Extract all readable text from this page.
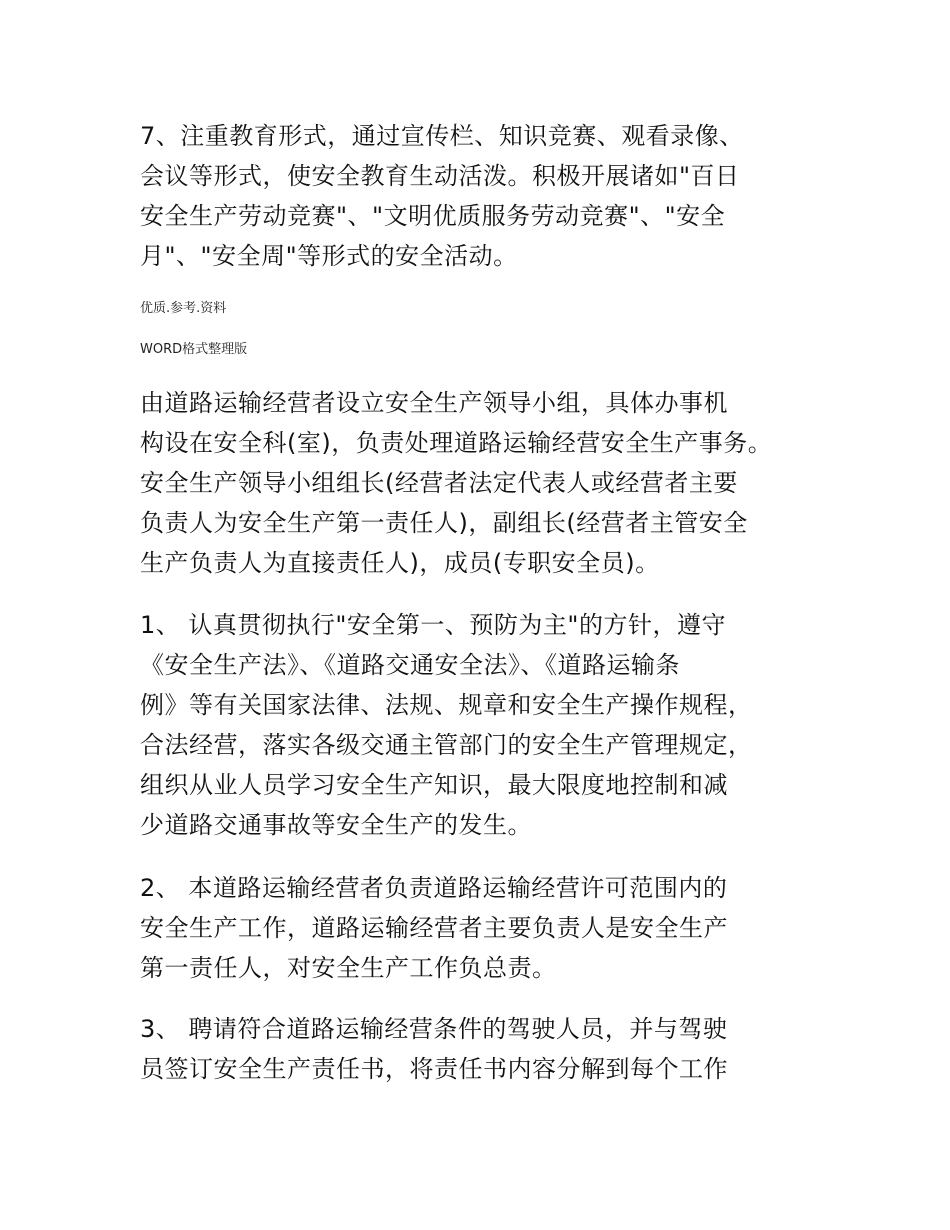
7、注重教育形式，通过宣传栏、知识竞赛、观看录像、
会议等形式，使安全教育生动活泼。积极开展诸如"百日
安全生产劳动竞赛"、"文明优质服务劳动竞赛"、"安全
月"、"安全周"等形式的安全活动。
优质.参考.资料
WORD格式整理版
由道路运输经营者设立安全生产领导小组，具体办事机
构设在安全科(室)，负责处理道路运输经营安全生产事务。
安全生产领导小组组长(经营者法定代表人或经营者主要
负责人为安全生产第一责任人)，副组长(经营者主管安全
生产负责人为直接责任人)，成员(专职安全员)。
1、 认真贯彻执行"安全第一、预防为主"的方针，遵守
《安全生产法》、《道路交通安全法》、《道路运输条
例》等有关国家法律、法规、规章和安全生产操作规程，
合法经营，落实各级交通主管部门的安全生产管理规定，
组织从业人员学习安全生产知识，最大限度地控制和减
少道路交通事故等安全生产的发生。
2、 本道路运输经营者负责道路运输经营许可范围内的
安全生产工作，道路运输经营者主要负责人是安全生产
第一责任人，对安全生产工作负总责。
3、 聘请符合道路运输经营条件的驾驶人员，并与驾驶
员签订安全生产责任书，将责任书内容分解到每个工作
